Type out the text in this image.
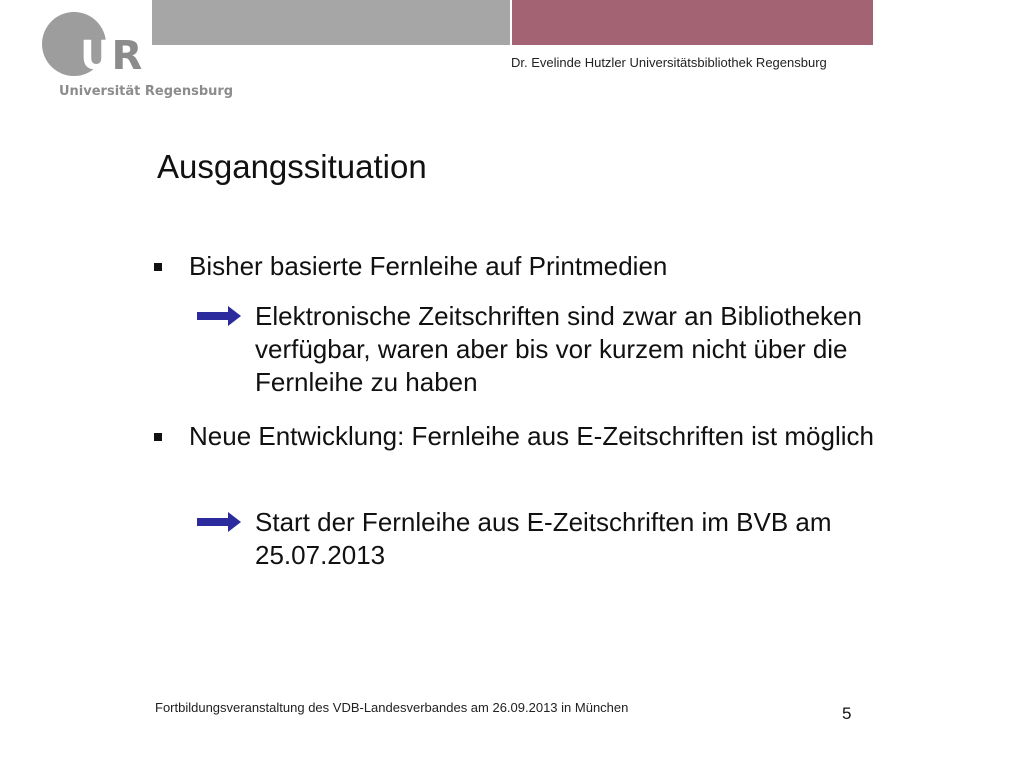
UR
Universität Regensburg
Dr. Evelinde Hutzler Universitätsbibliothek Regensburg
Ausgangssituation
Bisher basierte Fernleihe auf Printmedien
Elektronische Zeitschriften sind zwar an Bibliotheken verfügbar, waren aber bis vor kurzem nicht über die Fernleihe zu haben
Neue Entwicklung: Fernleihe aus E-Zeitschriften ist möglich
Start der Fernleihe aus E-Zeitschriften im BVB am 25.07.2013
Fortbildungsveranstaltung des VDB-Landesverbandes am 26.09.2013 in München	5
